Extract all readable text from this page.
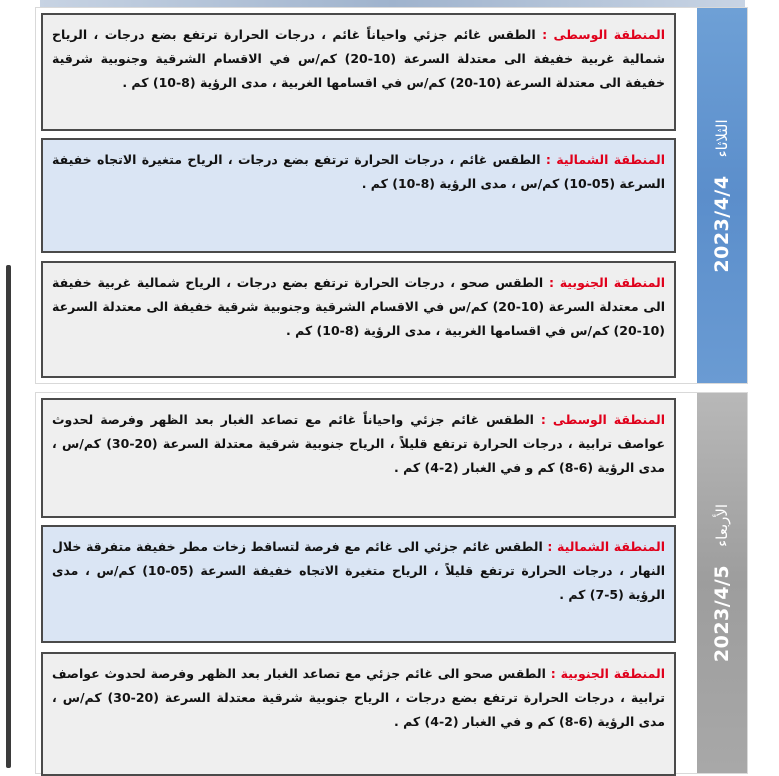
المنطقة الوسطى : الطقس غائم جزئي واحياناً غائم ، درجات الحرارة ترتفع بضع درجات ، الرياح شمالية غربية خفيفة الى معتدلة السرعة (10-20) كم/س في الاقسام الشرقية وجنوبية شرقية خفيفة الى معتدلة السرعة (10-20) كم/س في اقسامها الغربية ، مدى الرؤية (8-10) كم .
المنطقة الشمالية : الطقس غائم ، درجات الحرارة ترتفع بضع درجات ، الرياح متغيرة الاتجاه خفيفة السرعة (05-10) كم/س ، مدى الرؤية (8-10) كم .
المنطقة الجنوبية : الطقس صحو ، درجات الحرارة ترتفع بضع درجات ، الرياح شمالية غربية خفيفة الى معتدلة السرعة (10-20) كم/س في الاقسام الشرقية وجنوبية شرقية خفيفة الى معتدلة السرعة (10-20) كم/س في اقسامها الغربية ، مدى الرؤية (8-10) كم .
الثلاثاء
2023/4/4
المنطقة الوسطى : الطقس غائم جزئي واحياناً غائم مع تصاعد الغبار بعد الظهر وفرصة لحدوث عواصف ترابية ، درجات الحرارة ترتفع قليلاً ، الرياح جنوبية شرقية معتدلة السرعة (20-30) كم/س ، مدى الرؤية (6-8) كم و في الغبار (2-4) كم .
المنطقة الشمالية : الطقس غائم جزئي الى غائم مع فرصة لتساقط زخات مطر خفيفة متفرقة خلال النهار ، درجات الحرارة ترتفع قليلاً ، الرياح متغيرة الاتجاه خفيفة السرعة (05-10) كم/س ، مدى الرؤية (5-7) كم .
المنطقة الجنوبية : الطقس صحو الى غائم جزئي مع تصاعد الغبار بعد الظهر وفرصة لحدوث عواصف ترابية ، درجات الحرارة ترتفع بضع درجات ، الرياح جنوبية شرقية معتدلة السرعة (20-30) كم/س ، مدى الرؤية (6-8) كم و في الغبار (2-4) كم .
الأربعاء
2023/4/5
